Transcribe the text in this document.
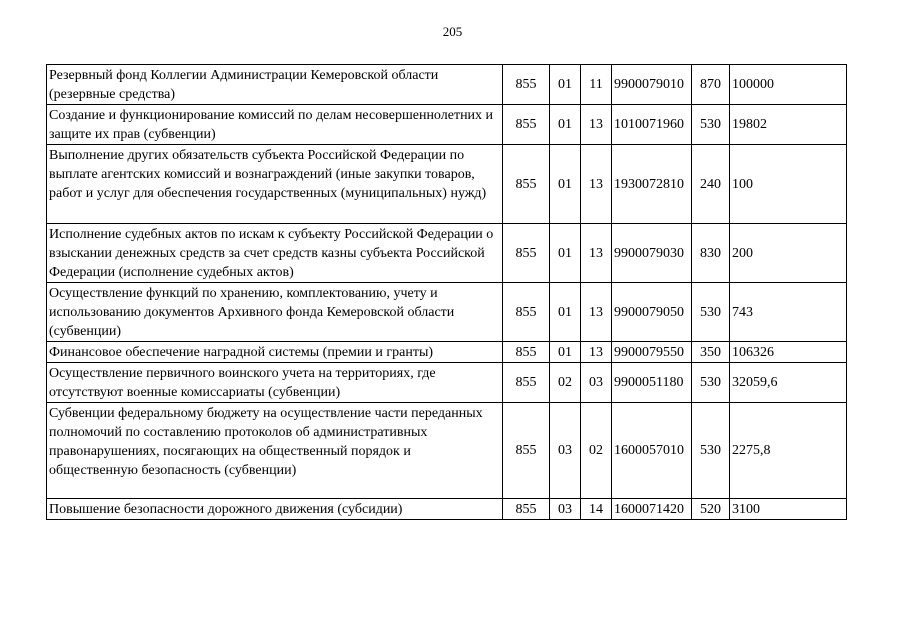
205
Резервный фонд Коллегии Администрации Кемеровской области (резервные средства)	855	01	11	9900079010	870	100000
Создание и функционирование комиссий по делам несовершеннолетних и защите их прав (субвенции)	855	01	13	1010071960	530	19802
Выполнение других обязательств субъекта Российской Федерации по выплате агентских комиссий и вознаграждений (иные закупки товаров, работ и услуг для обеспечения государственных (муниципальных) нужд)	855	01	13	1930072810	240	100
Исполнение судебных актов по искам к субъекту Российской Федерации о взыскании денежных средств за счет средств казны субъекта Российской Федерации (исполнение судебных актов)	855	01	13	9900079030	830	200
Осуществление функций по хранению, комплектованию, учету и использованию документов Архивного фонда Кемеровской области (субвенции)	855	01	13	9900079050	530	743
Финансовое обеспечение наградной системы (премии и гранты)	855	01	13	9900079550	350	106326
Осуществление первичного воинского учета на территориях, где отсутствуют военные комиссариаты (субвенции)	855	02	03	9900051180	530	32059,6
Субвенции федеральному бюджету на осуществление части переданных полномочий по составлению протоколов об административных правонарушениях, посягающих на общественный порядок и общественную безопасность (субвенции)	855	03	02	1600057010	530	2275,8
Повышение безопасности дорожного движения (субсидии)	855	03	14	1600071420	520	3100
